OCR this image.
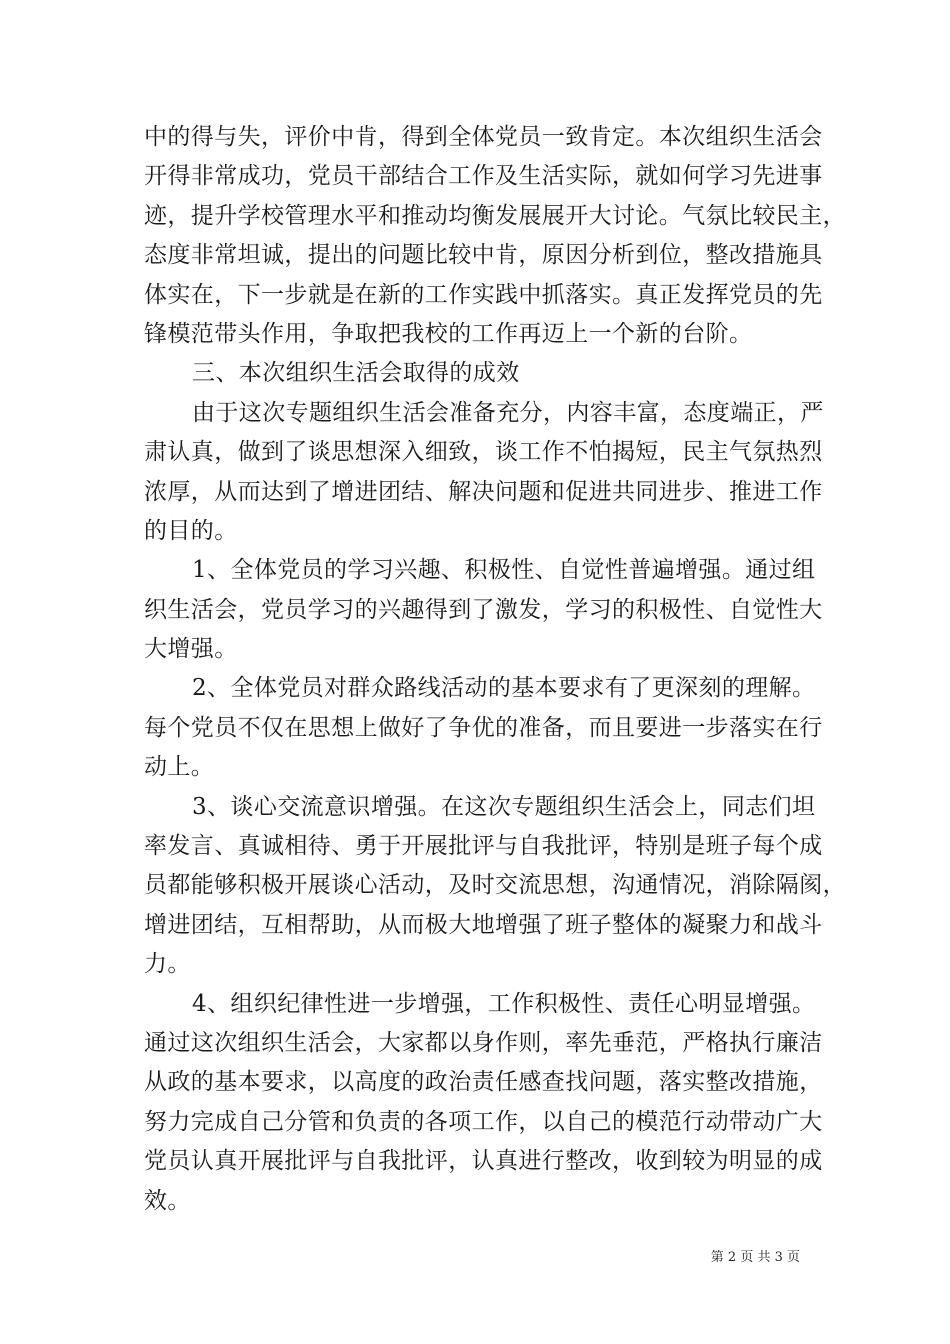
中的得与失，评价中肯，得到全体党员一致肯定。本次组织生活会
开得非常成功，党员干部结合工作及生活实际，就如何学习先进事
迹，提升学校管理水平和推动均衡发展展开大讨论。气氛比较民主，
态度非常坦诚，提出的问题比较中肯，原因分析到位，整改措施具
体实在，下一步就是在新的工作实践中抓落实。真正发挥党员的先
锋模范带头作用，争取把我校的工作再迈上一个新的台阶。
三、本次组织生活会取得的成效
由于这次专题组织生活会准备充分，内容丰富，态度端正，严
肃认真，做到了谈思想深入细致，谈工作不怕揭短，民主气氛热烈
浓厚，从而达到了增进团结、解决问题和促进共同进步、推进工作
的目的。
1、全体党员的学习兴趣、积极性、自觉性普遍增强。通过组
织生活会，党员学习的兴趣得到了激发，学习的积极性、自觉性大
大增强。
2、全体党员对群众路线活动的基本要求有了更深刻的理解。
每个党员不仅在思想上做好了争优的准备，而且要进一步落实在行
动上。
3、谈心交流意识增强。在这次专题组织生活会上，同志们坦
率发言、真诚相待、勇于开展批评与自我批评，特别是班子每个成
员都能够积极开展谈心活动，及时交流思想，沟通情况，消除隔阂，
增进团结，互相帮助，从而极大地增强了班子整体的凝聚力和战斗
力。
4、组织纪律性进一步增强，工作积极性、责任心明显增强。
通过这次组织生活会，大家都以身作则，率先垂范，严格执行廉洁
从政的基本要求，以高度的政治责任感查找问题，落实整改措施，
努力完成自己分管和负责的各项工作，以自己的模范行动带动广大
党员认真开展批评与自我批评，认真进行整改，收到较为明显的成
效。
第 2 页 共 3 页
